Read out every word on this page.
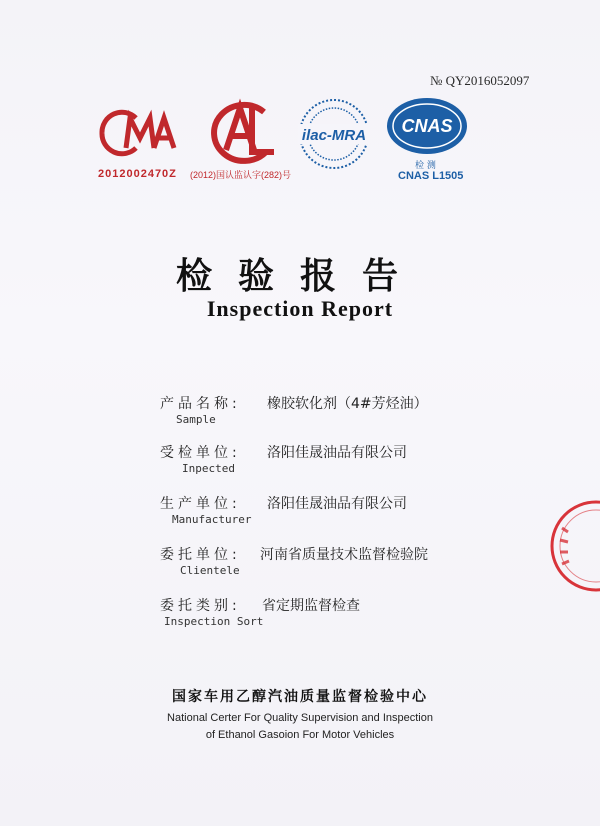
№ QY2016052097
2012002470Z (2012)国认监认字(282)号
ilac-MRA CNAS
检 测
CNAS L1505
检验报告
Inspection Report
产品名称:
Sample
橡胶软化剂（4#芳烃油）
受检单位:
Inpected
洛阳佳晟油品有限公司
生产单位:
Manufacturer
洛阳佳晟油品有限公司
委托单位:
Clientele
河南省质量技术监督检验院
委托类别:
Inspection Sort
省定期监督检查
国家车用乙醇汽油质量监督检验中心
National Certer For Quality Supervision and Inspection
of Ethanol Gasoion For Motor Vehicles
